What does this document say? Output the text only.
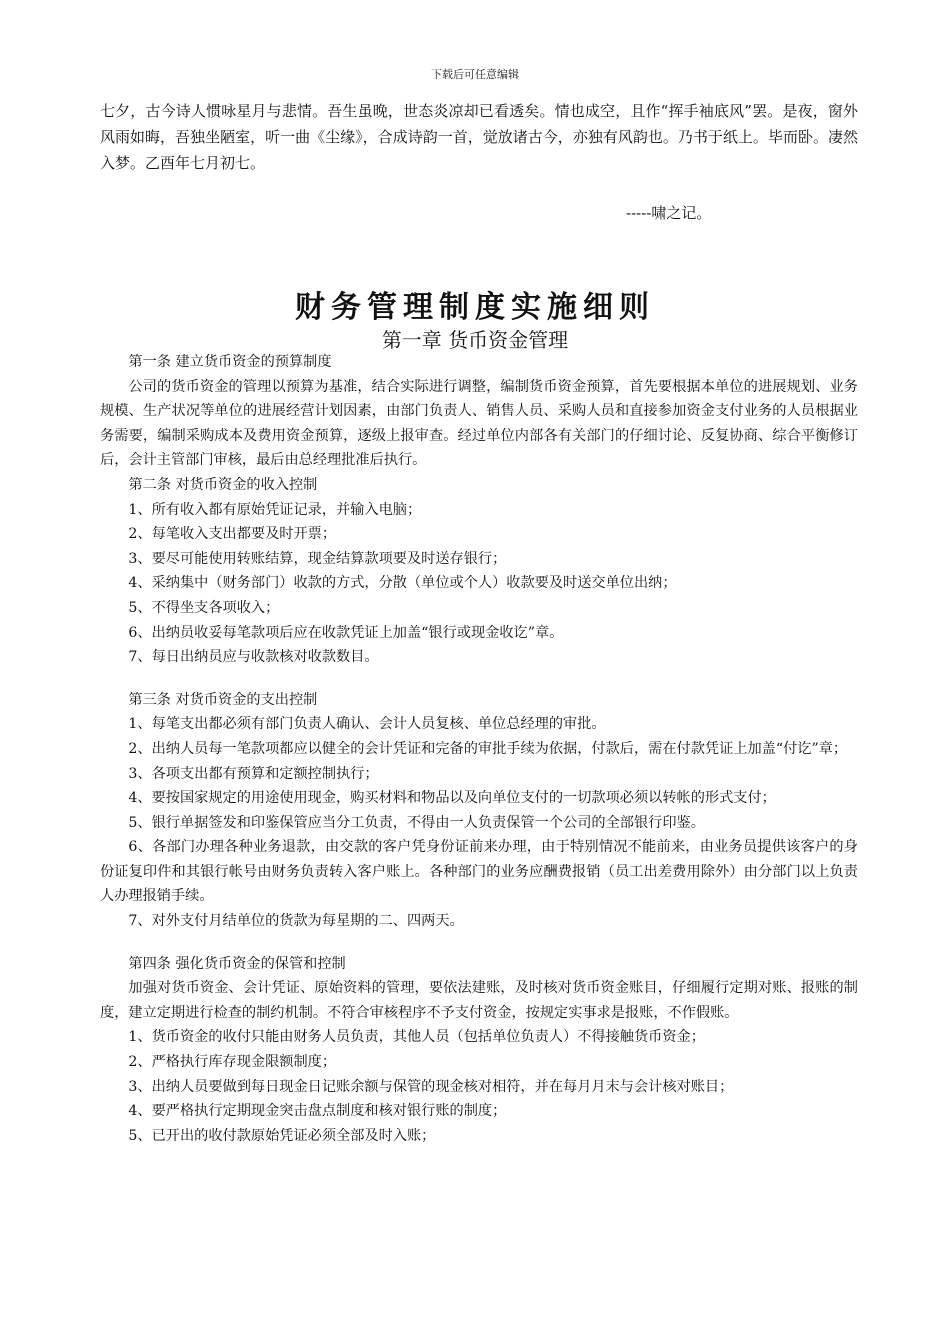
下载后可任意编辑

七夕，古今诗人惯咏星月与悲情。吾生虽晚，世态炎凉却已看透矣。情也成空，且作“挥手袖底风”罢。是夜，窗外风雨如晦，吾独坐陋室，听一曲《尘缘》，合成诗韵一首，觉放诸古今，亦独有风韵也。乃书于纸上。毕而卧。凄然入梦。乙酉年七月初七。

-----啸之记。
财务管理制度实施细则
第一章 货币资金管理

第一条 建立货币资金的预算制度

公司的货币资金的管理以预算为基准，结合实际进行调整，编制货币资金预算，首先要根据本单位的进展规划、业务规模、生产状况等单位的进展经营计划因素，由部门负责人、销售人员、采购人员和直接参加资金支付业务的人员根据业务需要，编制采购成本及费用资金预算，逐级上报审查。经过单位内部各有关部门的仔细讨论、反复协商、综合平衡修订后，会计主管部门审核，最后由总经理批准后执行。

第二条 对货币资金的收入控制

1、所有收入都有原始凭证记录，并输入电脑；

2、每笔收入支出都要及时开票；

3、要尽可能使用转账结算，现金结算款项要及时送存银行；

4、采纳集中（财务部门）收款的方式，分散（单位或个人）收款要及时送交单位出纳；

5、不得坐支各项收入；

6、出纳员收妥每笔款项后应在收款凭证上加盖“银行或现金收讫”章。

7、每日出纳员应与收款核对收款数目。

第三条 对货币资金的支出控制

1、每笔支出都必须有部门负责人确认、会计人员复核、单位总经理的审批。

2、出纳人员每一笔款项都应以健全的会计凭证和完备的审批手续为依据，付款后，需在付款凭证上加盖“付讫”章；

3、各项支出都有预算和定额控制执行；

4、要按国家规定的用途使用现金，购买材料和物品以及向单位支付的一切款项必须以转帐的形式支付；

5、银行单据签发和印鉴保管应当分工负责，不得由一人负责保管一个公司的全部银行印鉴。

6、各部门办理各种业务退款，由交款的客户凭身份证前来办理，由于特别情况不能前来，由业务员提供该客户的身份证复印件和其银行帐号由财务负责转入客户账上。各种部门的业务应酬费报销（员工出差费用除外）由分部门以上负责人办理报销手续。

7、对外支付月结单位的货款为每星期的二、四两天。

第四条 强化货币资金的保管和控制

加强对货币资金、会计凭证、原始资料的管理，要依法建账，及时核对货币资金账目，仔细履行定期对账、报账的制度，建立定期进行检查的制约机制。不符合审核程序不予支付资金，按规定实事求是报账，不作假账。

1、货币资金的收付只能由财务人员负责，其他人员（包括单位负责人）不得接触货币资金；

2、严格执行库存现金限额制度；

3、出纳人员要做到每日现金日记账余额与保管的现金核对相符，并在每月月末与会计核对账目；

4、要严格执行定期现金突击盘点制度和核对银行账的制度；

5、已开出的收付款原始凭证必须全部及时入账；
